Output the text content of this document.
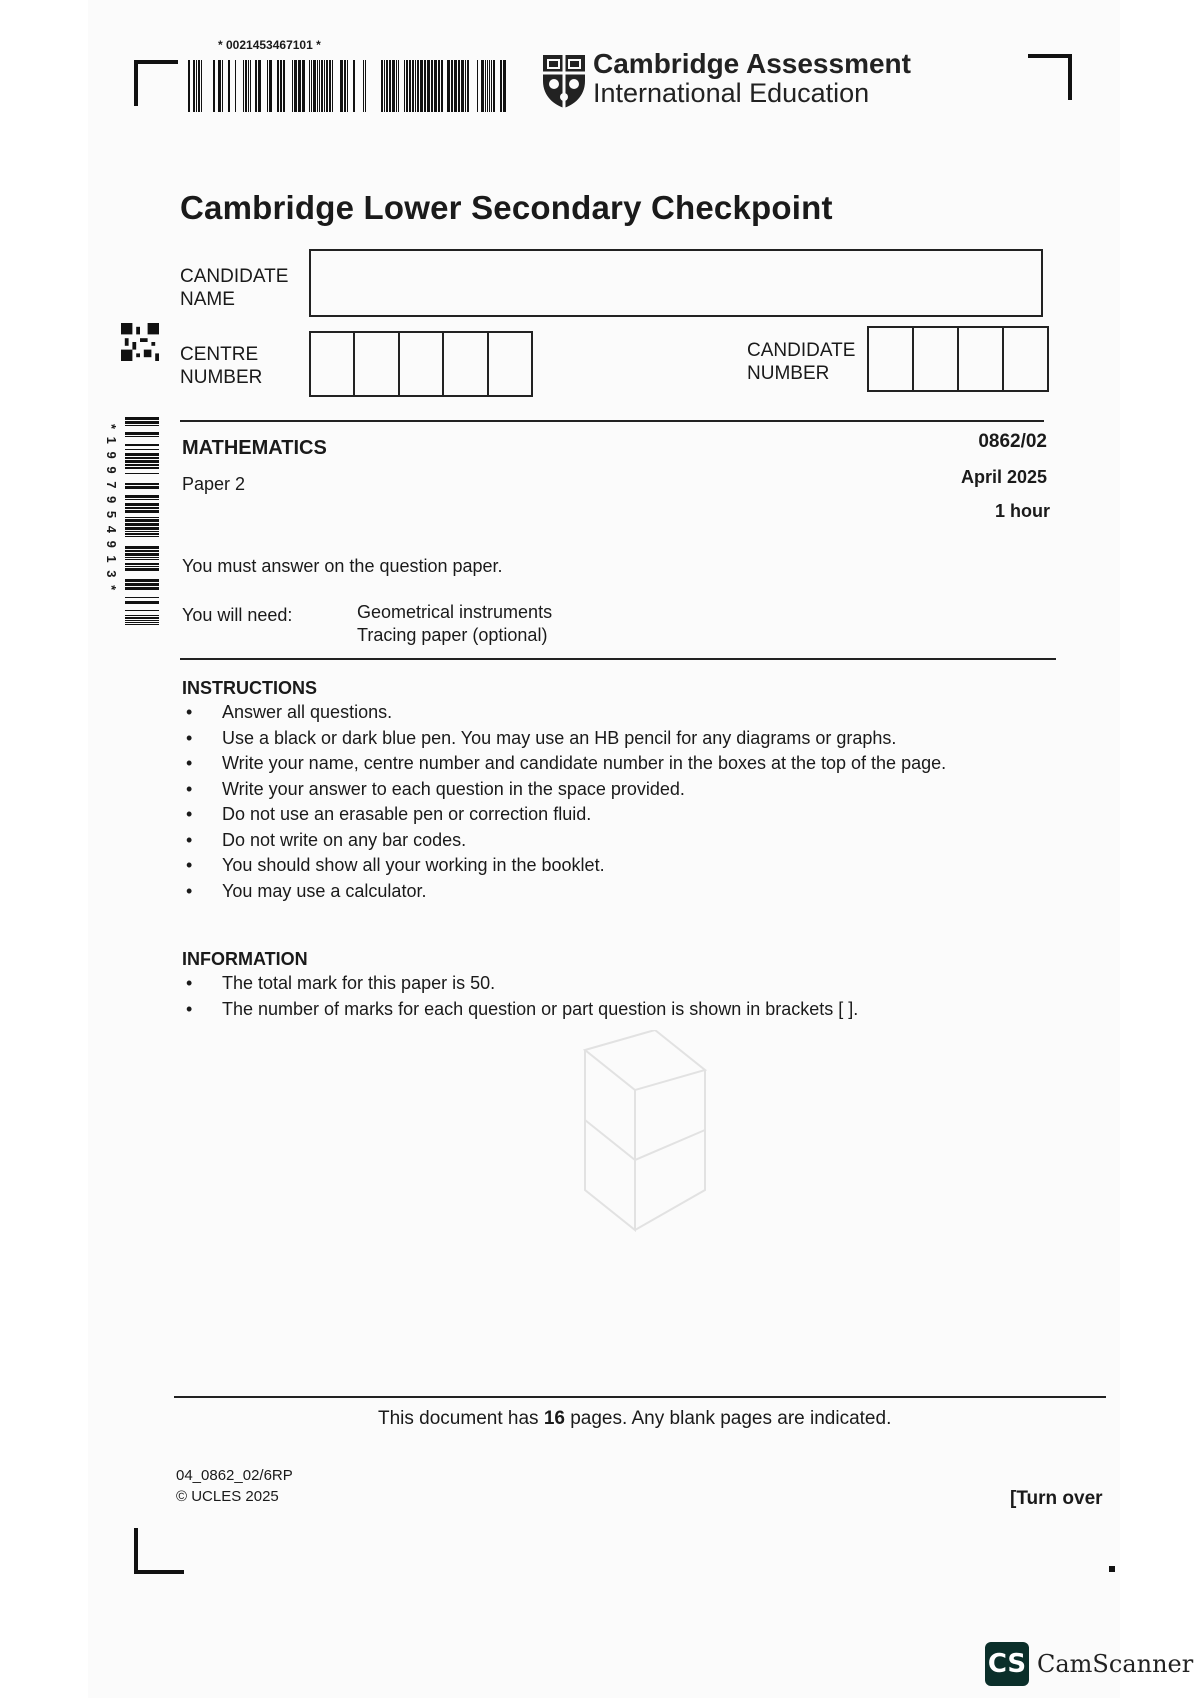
* 0021453467101 *
Cambridge Assessment
International Education
Cambridge Lower Secondary Checkpoint
CANDIDATE
NAME
CENTRE
NUMBER
CANDIDATE
NUMBER
* 1 9 9 7 9 5 4 9 1 3 *	MATHEMATICS
Paper 2
0862/02
April 2025
1 hour
You must answer on the question paper.
You will need:	Geometrical instruments
Tracing paper (optional)
INSTRUCTIONS
• Answer all questions.
• Use a black or dark blue pen. You may use an HB pencil for any diagrams or graphs.
• Write your name, centre number and candidate number in the boxes at the top of the page.
• Write your answer to each question in the space provided.
• Do not use an erasable pen or correction fluid.
• Do not write on any bar codes.
• You should show all your working in the booklet.
• You may use a calculator.
INFORMATION
• The total mark for this paper is 50.
• The number of marks for each question or part question is shown in brackets [ ].
This document has 16 pages. Any blank pages are indicated.
04_0862_02/6RP
© UCLES 2025	[Turn over
CS CamScanner
